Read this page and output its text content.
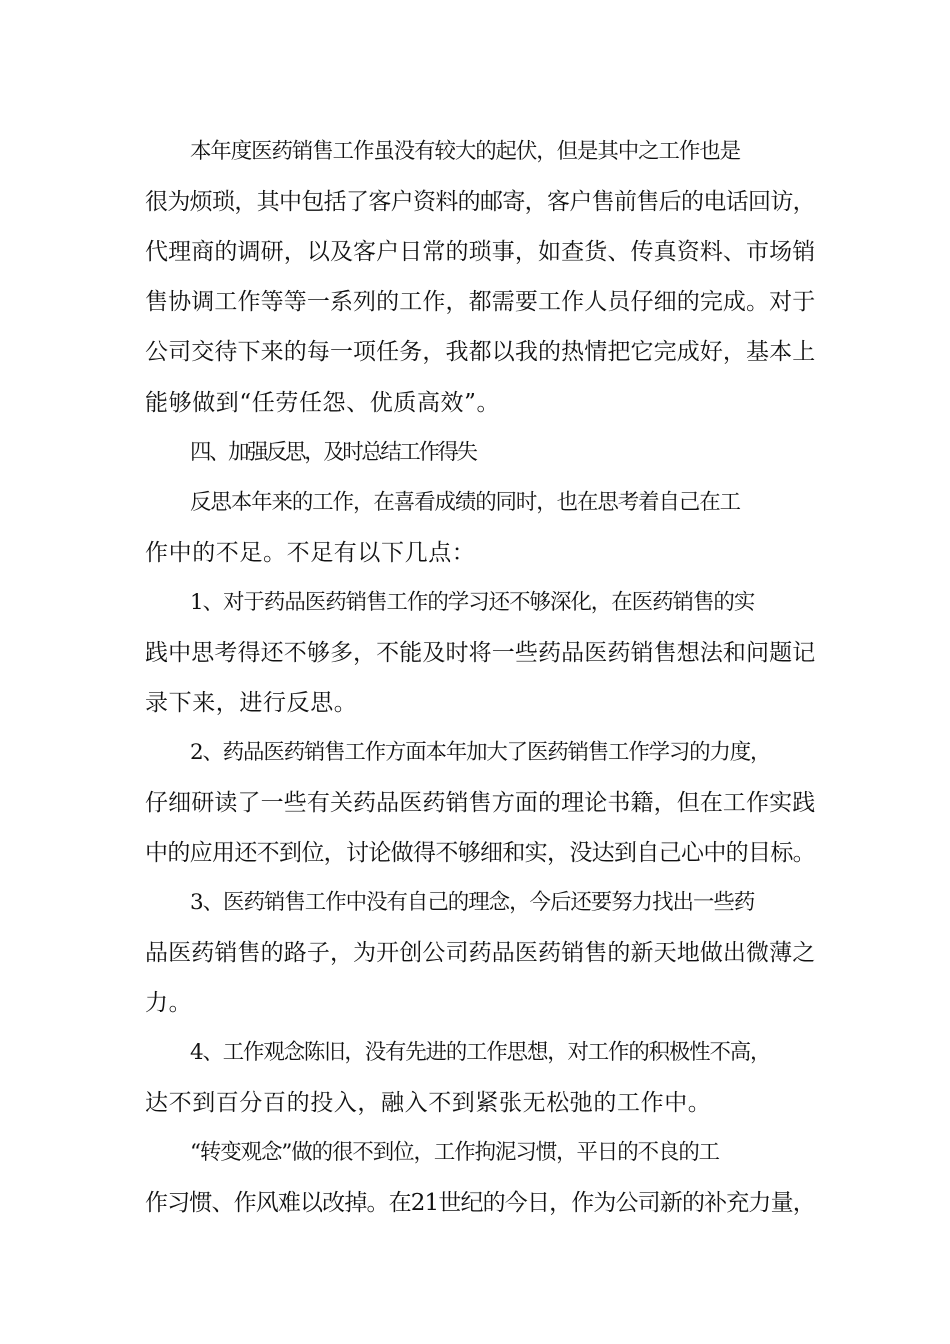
本年度医药销售工作虽没有较大的起伏，但是其中之工作也是
很为烦琐，其中包括了客户资料的邮寄，客户售前售后的电话回访，
代理商的调研，以及客户日常的琐事，如查货、传真资料、市场销
售协调工作等等一系列的工作，都需要工作人员仔细的完成。对于
公司交待下来的每一项任务，我都以我的热情把它完成好，基本上
能够做到“任劳任怨、优质高效”。
四、加强反思，及时总结工作得失
反思本年来的工作，在喜看成绩的同时，也在思考着自己在工
作中的不足。不足有以下几点：
1、对于药品医药销售工作的学习还不够深化，在医药销售的实
践中思考得还不够多，不能及时将一些药品医药销售想法和问题记
录下来，进行反思。
2、药品医药销售工作方面本年加大了医药销售工作学习的力度，
仔细研读了一些有关药品医药销售方面的理论书籍，但在工作实践
中的应用还不到位，讨论做得不够细和实，没达到自己心中的目标。
3、医药销售工作中没有自己的理念，今后还要努力找出一些药
品医药销售的路子，为开创公司药品医药销售的新天地做出微薄之
力。
4、工作观念陈旧，没有先进的工作思想，对工作的积极性不高，
达不到百分百的投入，融入不到紧张无松弛的工作中。
“转变观念”做的很不到位，工作拘泥习惯，平日的不良的工
作习惯、作风难以改掉。在21世纪的今日，作为公司新的补充力量，
